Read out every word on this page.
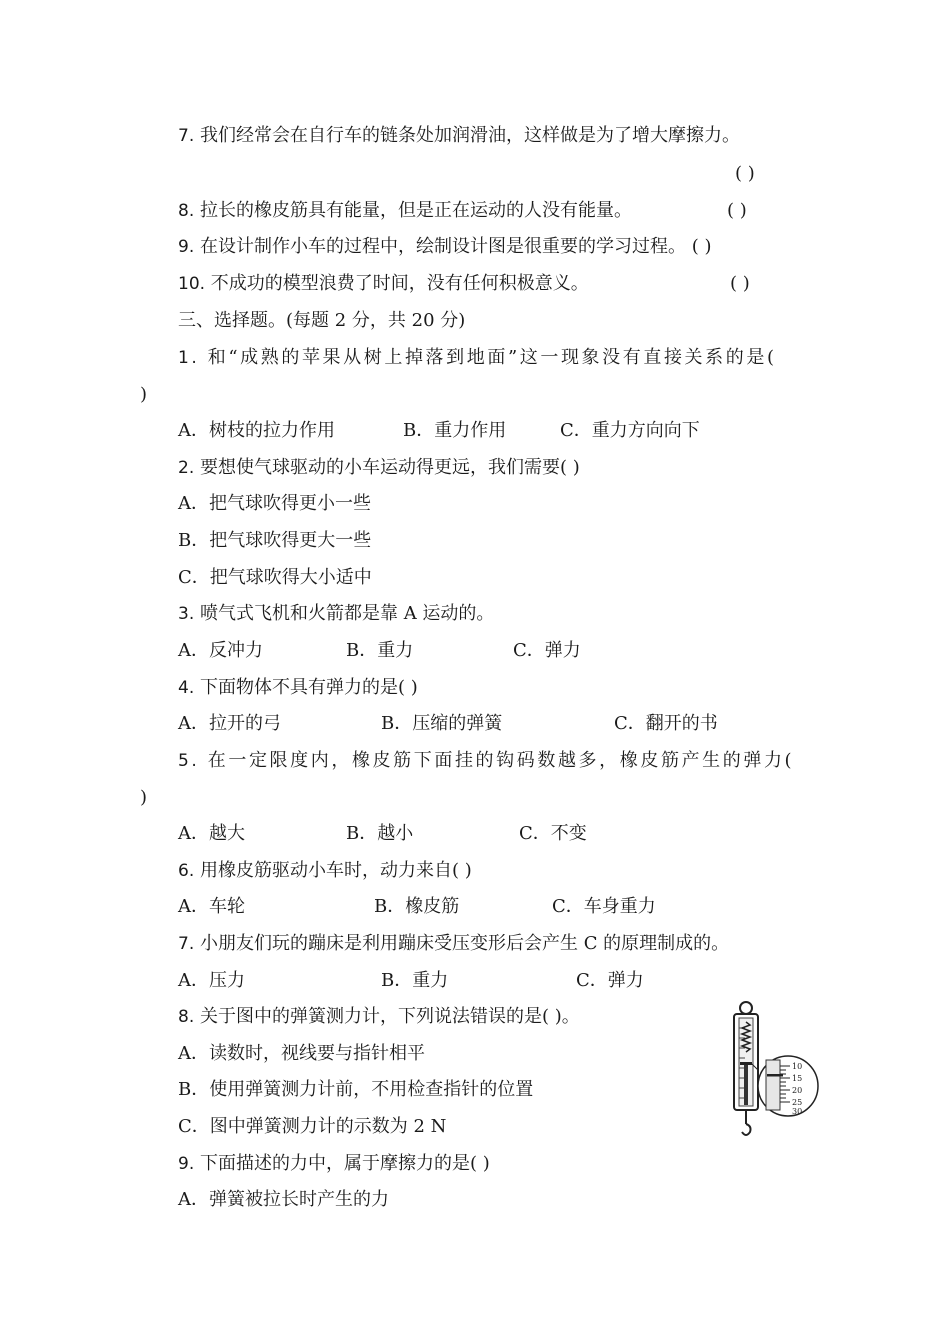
7. 我们经常会在自行车的链条处加润滑油，这样做是为了增大摩擦力。
( )
8. 拉长的橡皮筋具有能量，但是正在运动的人没有能量。	( )
9. 在设计制作小车的过程中，绘制设计图是很重要的学习过程。 ( )
10. 不成功的模型浪费了时间，没有任何积极意义。	( )
三、选择题。(每题 2 分，共 20 分)
1. 和“成熟的苹果从树上掉落到地面”这一现象没有直接关系的是(
)
A．树枝的拉力作用	B．重力作用	C．重力方向向下
2. 要想使气球驱动的小车运动得更远，我们需要( )
A．把气球吹得更小一些
B．把气球吹得更大一些
C．把气球吹得大小适中
3. 喷气式飞机和火箭都是靠 A 运动的。
A．反冲力	B．重力	C．弹力
4. 下面物体不具有弹力的是( )
A．拉开的弓	B．压缩的弹簧	C．翻开的书
5. 在一定限度内，橡皮筋下面挂的钩码数越多，橡皮筋产生的弹力(
)
A．越大	B．越小	C．不变
6. 用橡皮筋驱动小车时，动力来自( )
A．车轮	B．橡皮筋	C．车身重力
7. 小朋友们玩的蹦床是利用蹦床受压变形后会产生 C 的原理制成的。
A．压力	B．重力	C．弹力
8. 关于图中的弹簧测力计，下列说法错误的是( )。
A．读数时，视线要与指针相平
B．使用弹簧测力计前，不用检查指针的位置
C．图中弹簧测力计的示数为 2 N
10
15
20
25
30
9. 下面描述的力中，属于摩擦力的是( )
A．弹簧被拉长时产生的力
